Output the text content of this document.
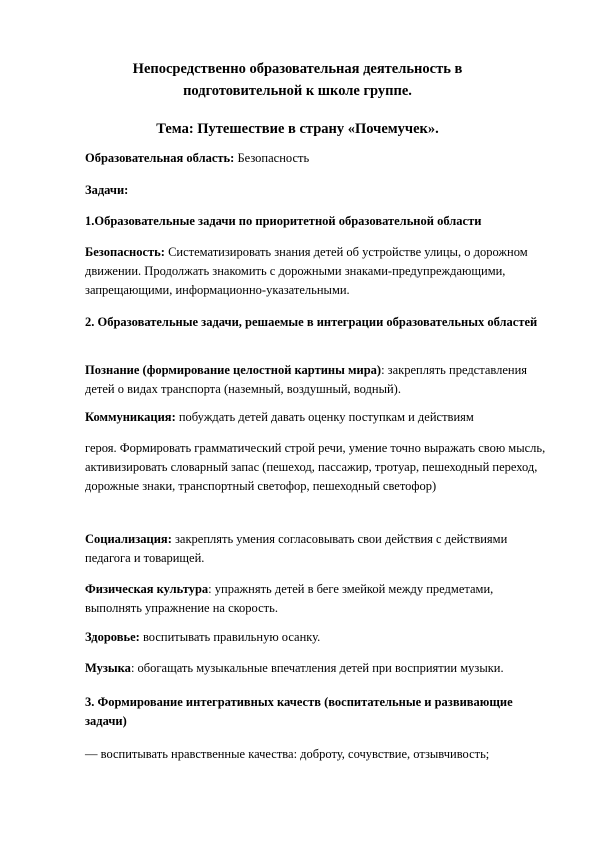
Непосредственно образовательная деятельность в
подготовительной к школе группе.
Тема: Путешествие в страну «Почемучек».

Образовательная область: Безопасность

Задачи:

1.Образовательные задачи по приоритетной образовательной области

Безопасность: Систематизировать знания детей об устройстве улицы, о дорожном движении. Продолжать знакомить с дорожными знаками-предупреждающими, запрещающими, информационно-указательными.

2. Образовательные задачи, решаемые в интеграции образовательных областей

Познание (формирование целостной картины мира): закреплять представления детей о видах транспорта (наземный, воздушный, водный).

Коммуникация: побуждать детей давать оценку поступкам и действиям

героя. Формировать грамматический строй речи, умение точно выражать свою мысль, активизировать словарный запас (пешеход, пассажир, тротуар, пешеходный переход, дорожные знаки, транспортный светофор, пешеходный светофор)

Социализация: закреплять умения согласовывать свои действия с действиями педагога и товарищей.

Физическая культура: упражнять детей в беге змейкой между предметами, выполнять упражнение на скорость.

Здоровье: воспитывать правильную осанку.

Музыка: обогащать музыкальные впечатления детей при восприятии музыки.

3. Формирование интегративных качеств (воспитательные и развивающие задачи)

— воспитывать нравственные качества: доброту, сочувствие, отзывчивость;
